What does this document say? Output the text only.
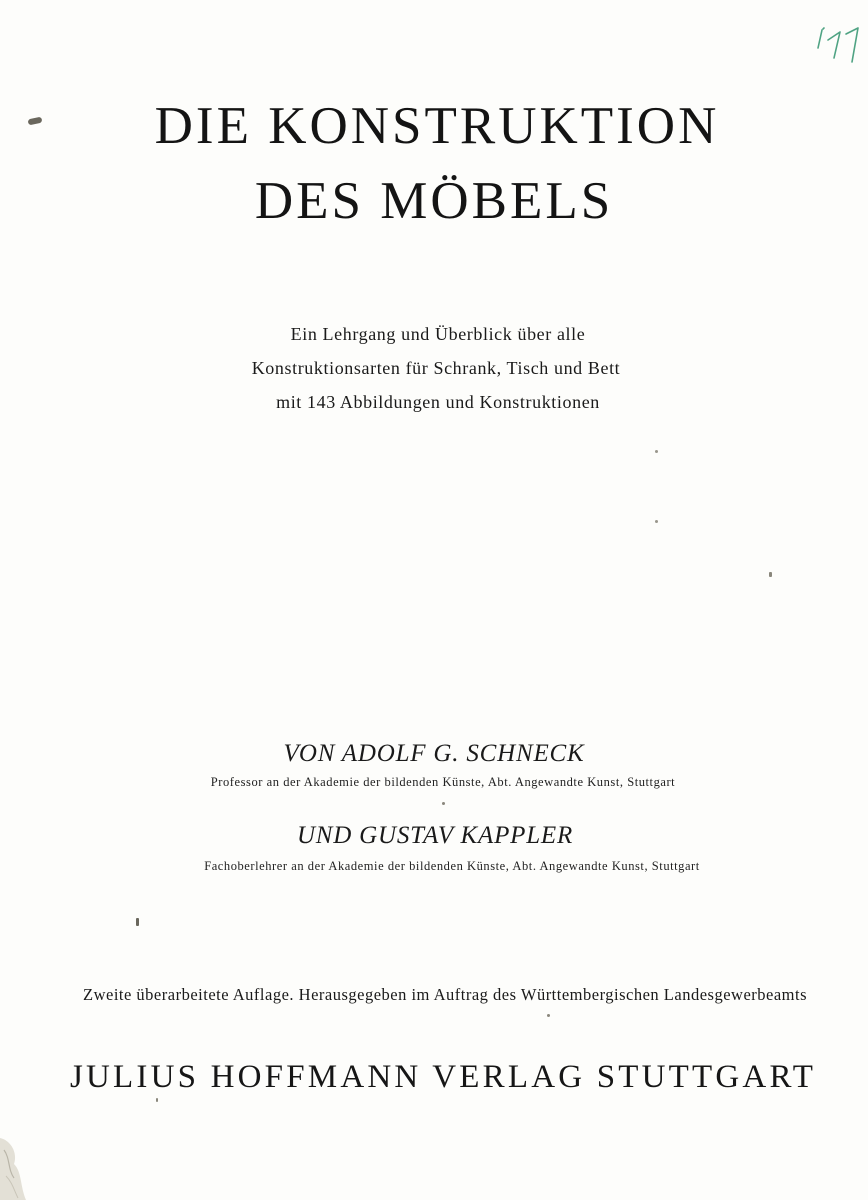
DIE KONSTRUKTION
DES MÖBELS
Ein Lehrgang und Überblick über alle
Konstruktionsarten für Schrank, Tisch und Bett
mit 143 Abbildungen und Konstruktionen
VON ADOLF G. SCHNECK
Professor an der Akademie der bildenden Künste, Abt. Angewandte Kunst, Stuttgart
UND GUSTAV KAPPLER
Fachoberlehrer an der Akademie der bildenden Künste, Abt. Angewandte Kunst, Stuttgart
Zweite überarbeitete Auflage. Herausgegeben im Auftrag des Württembergischen Landesgewerbeamts
JULIUS HOFFMANN VERLAG STUTTGART
